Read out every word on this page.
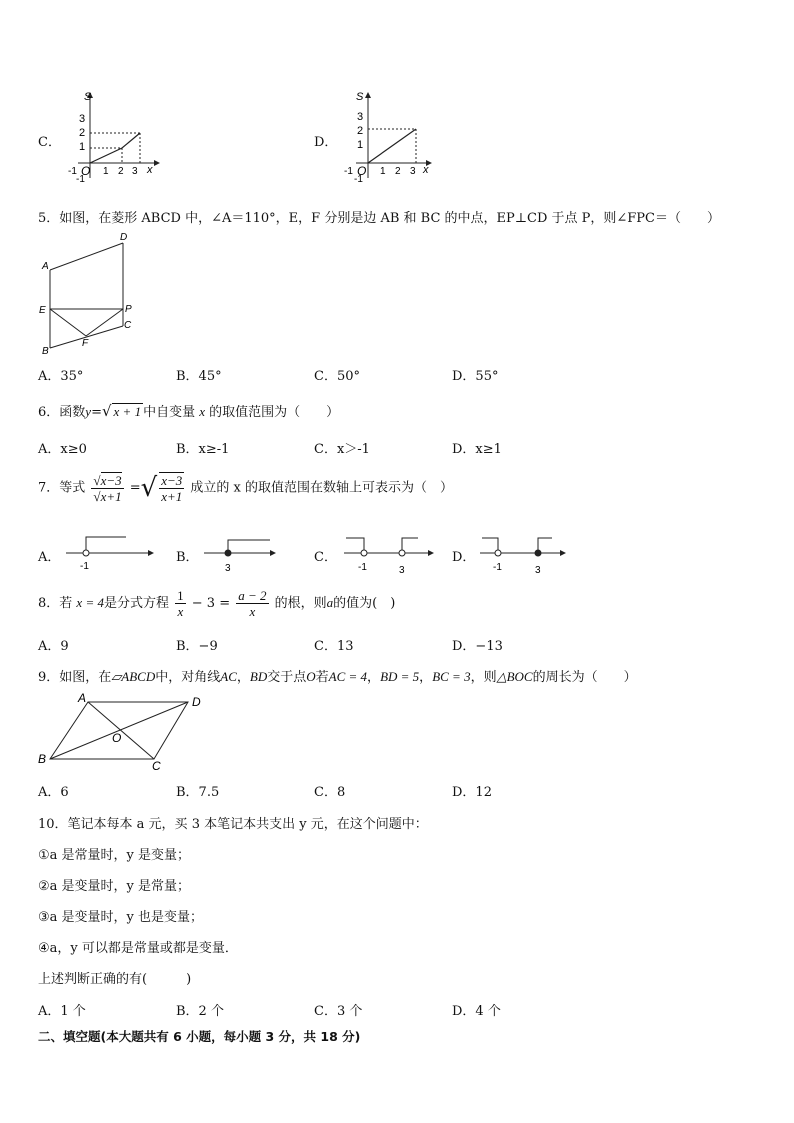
C．
S
x
3
2
1
-1
-1 O 1 2 3
D．
S
x
3
2
1
-1
-1 O 1 2 3
5．如图，在菱形 ABCD 中，∠A＝110°，E，F 分别是边 AB 和 BC 的中点，EP⊥CD 于点 P，则∠FPC＝（　　）
D
A
E	P
C
F
B
A．35°	B．45°	C．50°	D．55°
6．函数y=√ x + 1 中自变量 x 的取值范围为（　　）
A．x≥0	B．x≥-1	C．x＞-1	D．x≥1
7．等式 $\frac{√x-3}{√x+1}$ =√ $\frac{x-3}{x+1}$ 成立的 x 的取值范围在数轴上可表示为（　）
A．
-1
B．
3
C．
-1	3
D．
-1	3
8．若 x = 4是分式方程 $\frac{1}{x} - 3 = \frac{a - 2}{x}$ 的根，则a的值为(　)
A．9	B．−9	C．13	D．−13
9．如图，在▱ABCD中，对角线AC，BD交于点O若AC = 4，BD = 5，BC = 3，则△BOC的周长为（　　）
A	D
B	C
O
A．6	B．7.5	C．8	D．12
10．笔记本每本 a 元，买 3 本笔记本共支出 y 元，在这个问题中：
①a 是常量时，y 是变量；
②a 是变量时，y 是常量；
③a 是变量时，y 也是变量；
④a，y 可以都是常量或都是变量．
上述判断正确的有(　　　)
A．1 个	B．2 个	C．3 个	D．4 个
二、填空题(本大题共有 6 小题，每小题 3 分，共 18 分)
